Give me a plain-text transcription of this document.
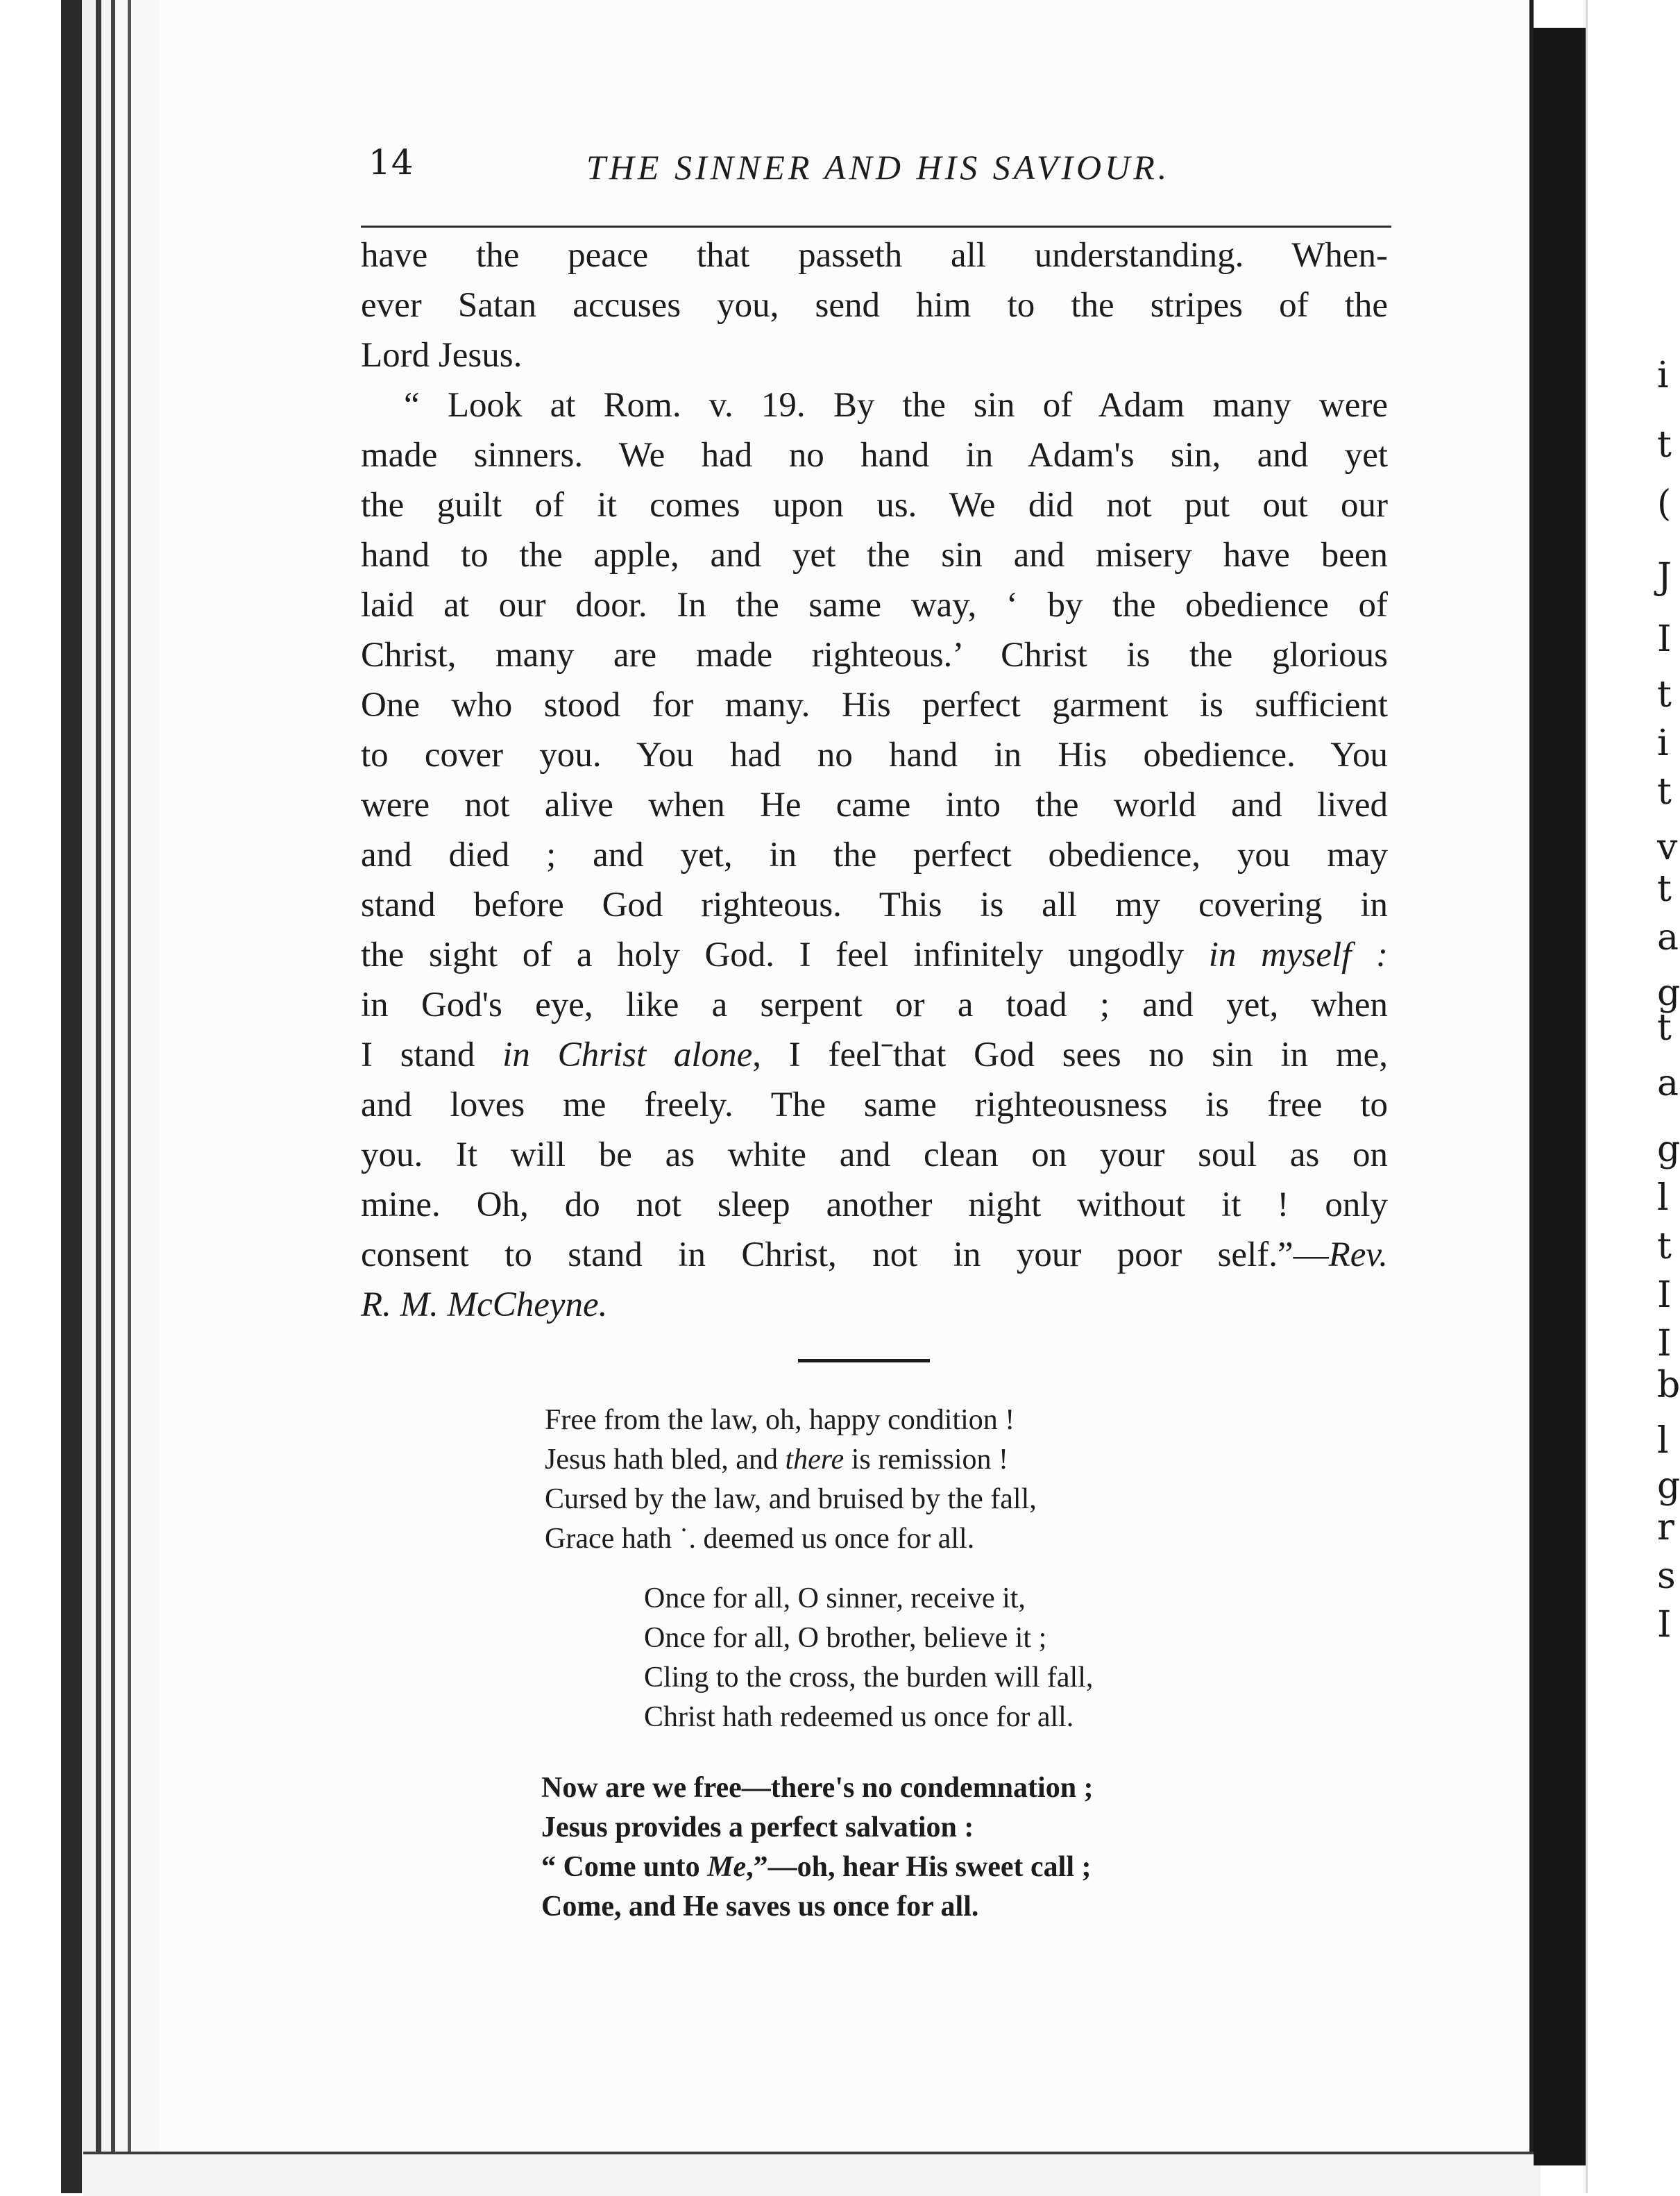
i
t
(
J
I
t
i
t
v
t
a
g
t
a
g
l
t
I
I
b
l
g
r
s
I
14	THE SINNER AND HIS SAVIOUR.
have the peace that passeth all understanding. When-
ever Satan accuses you, send him to the stripes of the
Lord Jesus.
“ Look at Rom. v. 19. By the sin of Adam many were
made sinners. We had no hand in Adam's sin, and yet
the guilt of it comes upon us. We did not put out our
hand to the apple, and yet the sin and misery have been
laid at our door. In the same way, ‘ by the obedience of
Christ, many are made righteous.’ Christ is the glorious
One who stood for many. His perfect garment is sufficient
to cover you. You had no hand in His obedience. You
were not alive when He came into the world and lived
and died ; and yet, in the perfect obedience, you may
stand before God righteous. This is all my covering in
the sight of a holy God. I feel infinitely ungodly in myself :
in God's eye, like a serpent or a toad ; and yet, when
I stand in Christ alone, I feelˉthat God sees no sin in me,
and loves me freely. The same righteousness is free to
you. It will be as white and clean on your soul as on
mine. Oh, do not sleep another night without it ! only
consent to stand in Christ, not in your poor self.”—Rev.
R. M. McCheyne.
Free from the law, oh, happy condition !
Jesus hath bled, and there is remission !
Cursed by the law, and bruised by the fall,
Grace hath ˙. deemed us once for all.
Once for all, O sinner, receive it,
Once for all, O brother, believe it ;
Cling to the cross, the burden will fall,
Christ hath redeemed us once for all.
Now are we free—there's no condemnation ;
Jesus provides a perfect salvation :
“ Come unto Me,”—oh, hear His sweet call ;
Come, and He saves us once for all.
